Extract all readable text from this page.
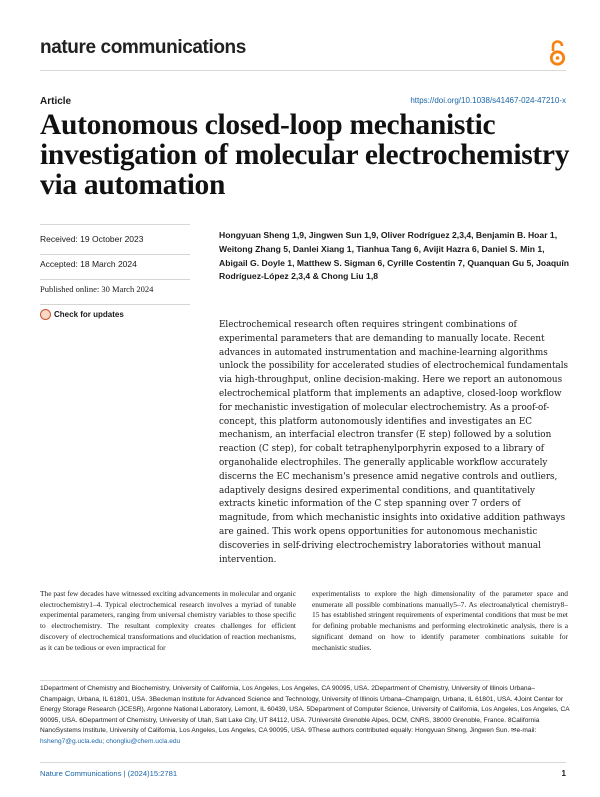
nature communications
Article	https://doi.org/10.1038/s41467-024-47210-x
Autonomous closed-loop mechanistic investigation of molecular electrochemistry via automation
Received: 19 October 2023
Accepted: 18 March 2024
Published online: 30 March 2024
Check for updates
Hongyuan Sheng 1,9, Jingwen Sun 1,9, Oliver Rodríguez 2,3,4, Benjamin B. Hoar 1, Weitong Zhang 5, Danlei Xiang 1, Tianhua Tang 6, Avijit Hazra 6, Daniel S. Min 1, Abigail G. Doyle 1, Matthew S. Sigman 6, Cyrille Costentin 7, Quanquan Gu 5, Joaquín Rodríguez-López 2,3,4 & Chong Liu 1,8
Electrochemical research often requires stringent combinations of experimental parameters that are demanding to manually locate. Recent advances in automated instrumentation and machine-learning algorithms unlock the possibility for accelerated studies of electrochemical fundamentals via high-throughput, online decision-making. Here we report an autonomous electrochemical platform that implements an adaptive, closed-loop workflow for mechanistic investigation of molecular electrochemistry. As a proof-of-concept, this platform autonomously identifies and investigates an EC mechanism, an interfacial electron transfer (E step) followed by a solution reaction (C step), for cobalt tetraphenylporphyrin exposed to a library of organohalide electrophiles. The generally applicable workflow accurately discerns the EC mechanism's presence amid negative controls and outliers, adaptively designs desired experimental conditions, and quantitatively extracts kinetic information of the C step spanning over 7 orders of magnitude, from which mechanistic insights into oxidative addition pathways are gained. This work opens opportunities for autonomous mechanistic discoveries in self-driving electrochemistry laboratories without manual intervention.
The past few decades have witnessed exciting advancements in molecular and organic electrochemistry1–4. Typical electrochemical research involves a myriad of tunable experimental parameters, ranging from universal chemistry variables to those specific to electrochemistry. The resultant complexity creates challenges for efficient discovery of electrochemical transformations and elucidation of reaction mechanisms, as it can be tedious or even impractical for
experimentalists to explore the high dimensionality of the parameter space and enumerate all possible combinations manually5–7. As electroanalytical chemistry8–15 has established stringent requirements of experimental conditions that must be met for defining probable mechanisms and performing electrokinetic analysis, there is a significant demand on how to identify parameter combinations suitable for mechanistic studies.
1Department of Chemistry and Biochemistry, University of California, Los Angeles, Los Angeles, CA 90095, USA. 2Department of Chemistry, University of Illinois Urbana–Champaign, Urbana, IL 61801, USA. 3Beckman Institute for Advanced Science and Technology, University of Illinois Urbana–Champaign, Urbana, IL 61801, USA. 4Joint Center for Energy Storage Research (JCESR), Argonne National Laboratory, Lemont, IL 60439, USA. 5Department of Computer Science, University of California, Los Angeles, Los Angeles, CA 90095, USA. 6Department of Chemistry, University of Utah, Salt Lake City, UT 84112, USA. 7Université Grenoble Alpes, DCM, CNRS, 38000 Grenoble, France. 8California NanoSystems Institute, University of California, Los Angeles, Los Angeles, CA 90095, USA. 9These authors contributed equally: Hongyuan Sheng, Jingwen Sun. ✉e-mail: hsheng7@g.ucla.edu; chongliu@chem.ucla.edu
Nature Communications | (2024)15:2781	1
